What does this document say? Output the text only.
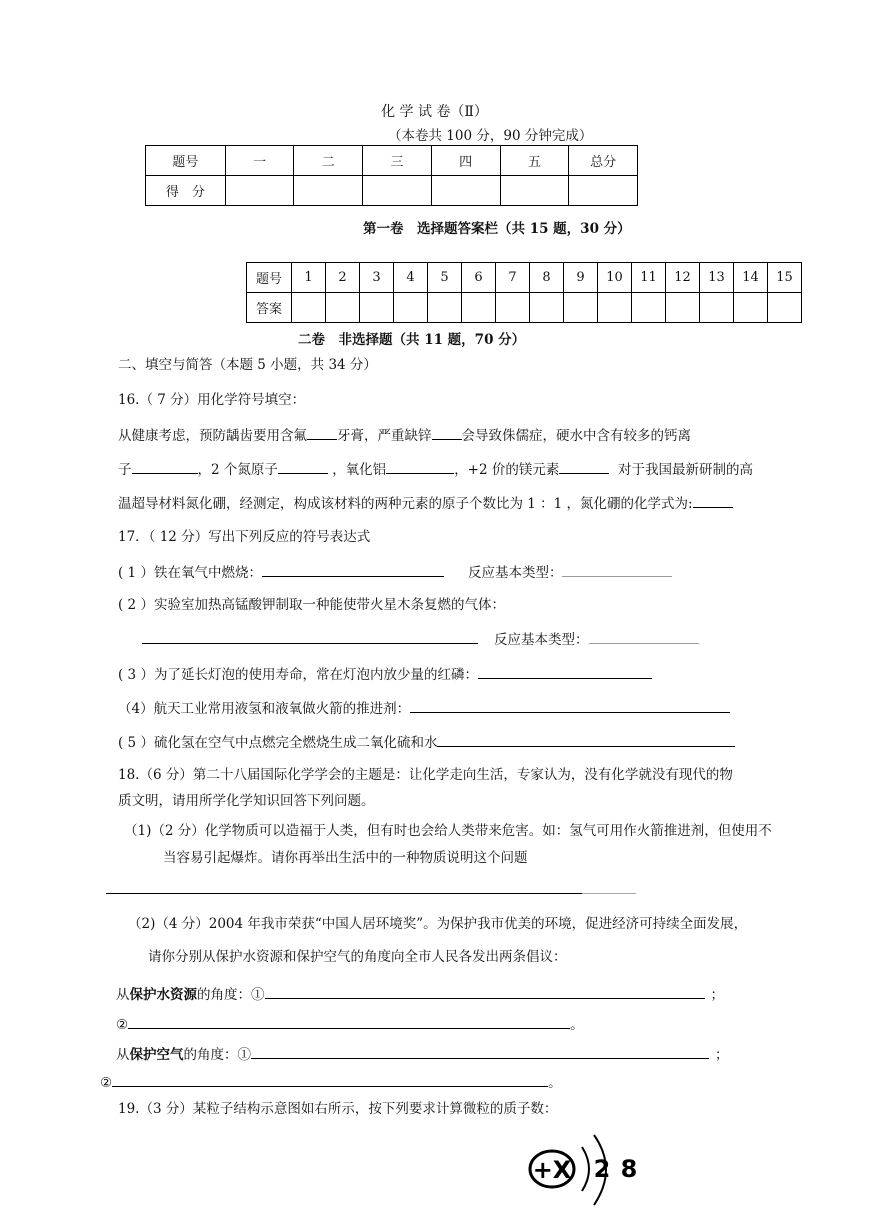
化 学 试 卷（Ⅱ）
（本卷共 100 分，90 分钟完成）
题号	一	二	三	四	五	总分
得　分						
第一卷　选择题答案栏（共 15 题，30 分）
题号	1	2	3	4	5	6	7	8	9	10	11	12	13	14	15
答案															
二卷　非选择题（共 11 题，70 分）
二、填空与简答（本题 5 小题，共 34 分）
16.（ 7 分）用化学符号填空：
从健康考虑，预防龋齿要用含氟 牙膏，严重缺锌 会导致侏儒症，硬水中含有较多的钙离
子	，2 个氮原子	，氧化铝	，+2 价的镁元素	对于我国最新研制的高
温超导材料氮化硼，经测定，构成该材料的两种元素的原子个数比为 1 ：1 ，氮化硼的化学式为:
17．（ 12 分）写出下列反应的符号表达式
( 1 ）铁在氧气中燃烧：	反应基本类型：
( 2 ）实验室加热高锰酸钾制取一种能使带火星木条复燃的气体：
反应基本类型：
( 3 ）为了延长灯泡的使用寿命，常在灯泡内放少量的红磷：
（4）航天工业常用液氢和液氧做火箭的推进剂：
( 5 ）硫化氢在空气中点燃完全燃烧生成二氧化硫和水
18.（6 分）第二十八届国际化学学会的主题是：让化学走向生活，专家认为，没有化学就没有现代的物
质文明，请用所学化学知识回答下列问题。
（1)（2 分）化学物质可以造福于人类，但有时也会给人类带来危害。如：氢气可用作火箭推进剂，但使用不
当容易引起爆炸。请你再举出生活中的一种物质说明这个问题
（2)（4 分）2004 年我市荣获“中国人居环境奖”。为保护我市优美的环境，促进经济可持续全面发展，
请你分别从保护水资源和保护空气的角度向全市人民各发出两条倡议：
从保护水资源的角度：①	；
②	。
从保护空气的角度：①	；
②	。
19.（3 分）某粒子结构示意图如右所示，按下列要求计算微粒的质子数：
+X 2 8
